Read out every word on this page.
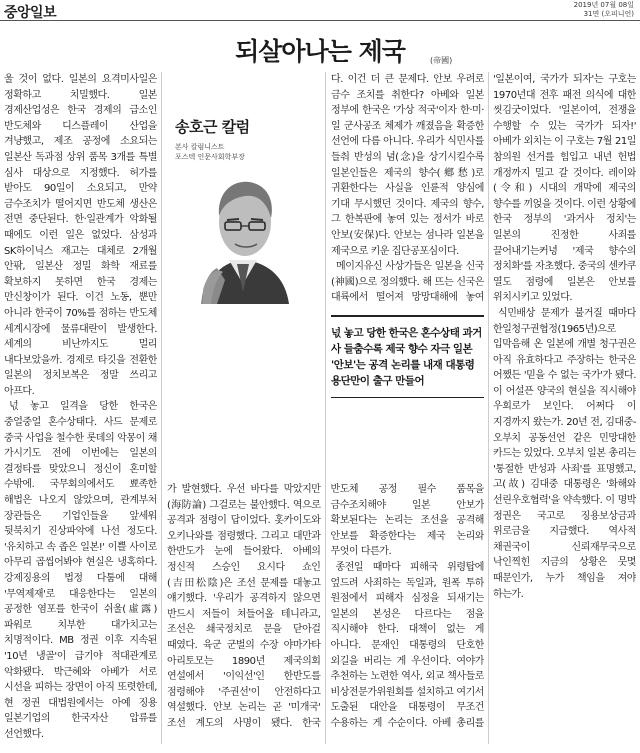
중앙일보	2019년 07월 08일
31면 (오피니언)
되살아나는 제국	(帝國)

울 것이 없다. 일본의 요격미사일은 정확하고 치밀했다. 일본 경제산업성은 한국 경제의 급소인 반도체와 디스플레이 산업을 겨냥했고, 제조 공정에 소요되는 일본산 독과점 상위 품목 3개를 특별 심사 대상으로 지정했다. 허가를 받아도 90일이 소요되고, 만약 금수조치가 떨어지면 반도체 생산은 전면 중단된다. 한·일관계가 악화될 때에도 이런 일은 없었다. 삼성과 SK하이닉스 재고는 대체로 2개월 안팎, 일본산 정밀 화학 재료를 확보하지 못하면 한국 경제는 만신창이가 된다. 이건 노동, 뿐만 아니라 한국이 70%를 점하는 반도체 세계시장에 물류대란이 발생한다. 세계의 비난까지도 멀리 내다보았을까. 경제로 타깃을 전환한 일본의 정치보복은 정말 쓰리고 아프다.

넋 놓고 일격을 당한 한국은 중얼중얼 혼수상태다. 사드 문제로 중국 사업을 철수한 롯데의 악몽이 채 가시기도 전에 이번에는 일본의 결정타를 맞았으니 정신이 혼미할 수밖에. 국무회의에서도 뾰족한 해법은 나오지 않았으며, 관계부처 장관들은 기업인들을 앞세워 뒷북치기 진상파악에 나선 정도다. '유치하고 속 좁은 일본!' 이쁠 사이로 아무리 곱씹어봐야 현실은 냉혹하다. 강제징용의 법정 다툼에 대해 '무역제재'로 대응한다는 일본의 공정한 염포를 한국이 쉬울(虛露) 파워로 치부한 대가치고는 치명적이다. MB 정권 이후 지속된 '10년 냉골'이 급기야 적대관계로 악화됐다. 박근혜와 아베가 서로 시선을 피하는 장면이 아직 또렷한데, 현 정권 대법원에서는 아예 징용 일본기업의 한국자산 압류를 선언했다.

송호근 칼럼
본사 칼럼니스트
포스텍 인문사회학부장

다. 이건 더 큰 문제다. 안보 우려로 금수 조치를 취한다? 아베와 일본 정부에 한국은 '가상 적국'이자 한·미·일 군사공조 체제가 깨졌음을 확증한 선언에 다름 아니다. 우리가 식민사를 들춰 반성의 념(念)을 상기시킬수록 일본인들은 제국의 향수(鄕愁)로 귀환한다는 사실을 인륜적 양심에 기대 무시했던 것이다. 제국의 향수, 그 한복판에 놓여 있는 정서가 바로 안보(安保)다. 안보는 섬나라 일본을 제국으로 키운 집단공포심이다.

메이지유신 사상가들은 일본을 신국(神國)으로 정의했다. 해 뜨는 신국은 대륙에서 떨어져 망망대해에 놓여

넋 놓고 당한 한국은 혼수상태 과거사 들춤수록 제국 향수 자극 일본 '안보'는 공격 논리를 내재 대통령 용단만이 출구 만들어

가 발현했다. 우선 바다를 막았지만(海防論) 그걸로는 불안했다. 역으로 공격과 점령이 답이었다. 홋카이도와 오키나와를 점령했다. 그리고 대만과 한반도가 눈에 들어왔다. 아베의 정신적 스승인 요시다 쇼인(吉田松陰)은 조선 문제를 대놓고 얘기했다. '우리가 공격하지 않으면 반드시 저들이 쳐들어올 테니라고, 조선은 쇄국정치로 문을 닫아걸 때였다. 육군 군벌의 수장 야마가타 아리토모는 1890년 제국의회 연설에서 '이익선'인 한반도를 점령해야 '주권선'이 안전하다고 역설했다. 안보 논리는 곧 '미개국' 조선 계도의 사명이 됐다. 한국 반도체 공정 필수 품목을 금수조치해야 일본 안보가 확보된다는 논리는 조선을 공격해 안보를 확증한다는 제국 논리와 무엇이 다른가.

종전일 때마다 피해국 위령탑에 엎드려 사죄하는 독일과, 원폭 투하 원점에서 피해자 심정을 되새기는 일본의 본성은 다르다는 점을 직시해야 한다. 대책이 없는 게 아니다. 문재인 대통령의 단호한 외길을 버리는 게 우선이다. 여야가 추천하는 노련한 역사, 외교 책사들로 비상전문가위원회를 설치하고 여기서 도출된 대안을 대통령이 무조건 수용하는 게 수순이다. 아베 총리를

'일본이여, 국가가 되자'는 구호는 1970년대 전후 패전 의식에 대한 씻김굿이었다. '일본이여, 전쟁을 수행할 수 있는 국가가 되자!' 아베가 외치는 이 구호는 7월 21일 참의원 선거를 힘입고 내년 헌법 개정까지 밀고 갈 것이다. 레이와(令和) 시대의 개막에 제국의 향수를 끼얹을 것이다. 이런 상황에 한국 정부의 '과거사 정치'는 일본의 진정한 사죄를 끌어내기는커녕 '제국 향수의 정치화'를 자초했다. 중국의 센카쿠 열도 점령에 일본은 안보를 위치시키고 있었다.

식민배상 문제가 불거질 때마다 한일청구권협정(1965년)으로 입막음해 온 일본에 개별 청구권은 아직 유효하다고 주장하는 한국은 어쨌든 '믿을 수 없는 국가'가 됐다. 이 어설픈 양국의 현실을 직시해야 우회로가 보인다. 어쩌다 이 지경까지 왔는가. 20년 전, 김대중-오부치 공동선언 같은 민망대한 카드는 있었다. 오부치 일본 총리는 '통절한 반성과 사죄'를 표명했고, 고(故) 김대중 대통령은 '화해와 선린우호협력'을 약속했다. 이 명박 정권은 국고로 징용보상금과 위로금을 지급했다. 역사적 채권국이 신뢰재무국으로 낙인찍힌 지금의 상황은 뭇몇 때문인가, 누가 책임을 져야 하는가.
